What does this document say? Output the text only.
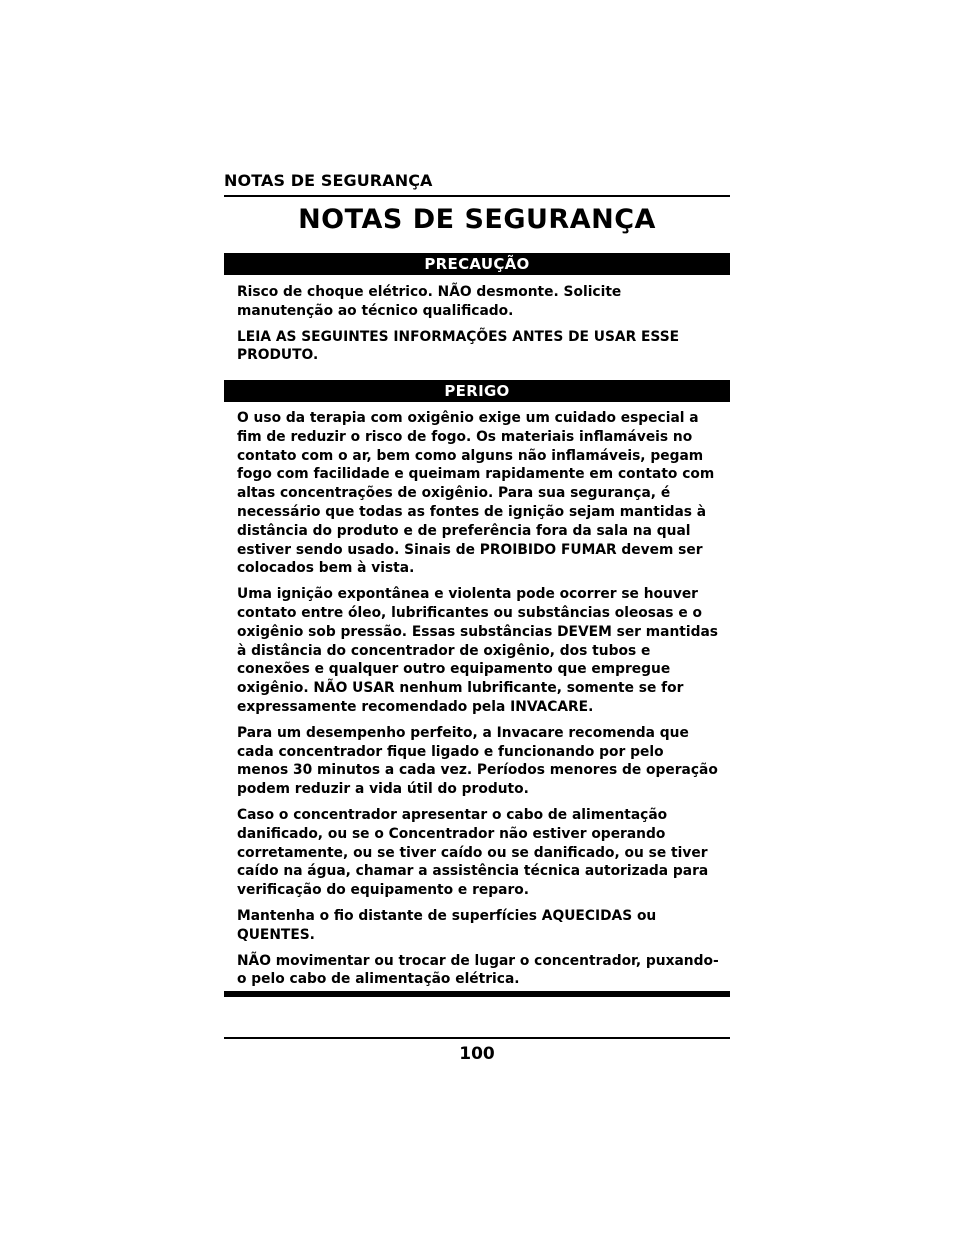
NOTAS DE SEGURANÇA
NOTAS DE SEGURANÇA
PRECAUÇÃO

Risco de choque elétrico. NÃO desmonte. Solicite manutenção ao técnico qualificado.

LEIA AS SEGUINTES INFORMAÇÕES ANTES DE USAR ESSE PRODUTO.

PERIGO

O uso da terapia com oxigênio exige um cuidado especial a fim de reduzir o risco de fogo. Os materiais inflamáveis no contato com o ar, bem como alguns não inflamáveis, pegam fogo com facilidade e queimam rapidamente em contato com altas concentrações de oxigênio. Para sua segurança, é necessário que todas as fontes de ignição sejam mantidas à distância do produto e de preferência fora da sala na qual estiver sendo usado. Sinais de PROIBIDO FUMAR devem ser colocados bem à vista.

Uma ignição expontânea e violenta pode ocorrer se houver contato entre óleo, lubrificantes ou substâncias oleosas e o oxigênio sob pressão. Essas substâncias DEVEM ser mantidas à distância do concentrador de oxigênio, dos tubos e conexões e qualquer outro equipamento que empregue oxigênio. NÃO USAR nenhum lubrificante, somente se for expressamente recomendado pela INVACARE.

Para um desempenho perfeito, a Invacare recomenda que cada concentrador fique ligado e funcionando por pelo menos 30 minutos a cada vez. Períodos menores de operação podem reduzir a vida útil do produto.

Caso o concentrador apresentar o cabo de alimentação danificado, ou se o Concentrador não estiver operando corretamente, ou se tiver caído ou se danificado, ou se tiver caído na água, chamar a assistência técnica autorizada para verificação do equipamento e reparo.

Mantenha o fio distante de superfícies AQUECIDAS ou QUENTES.

NÃO movimentar ou trocar de lugar o concentrador, puxando-o pelo cabo de alimentação elétrica.

100
